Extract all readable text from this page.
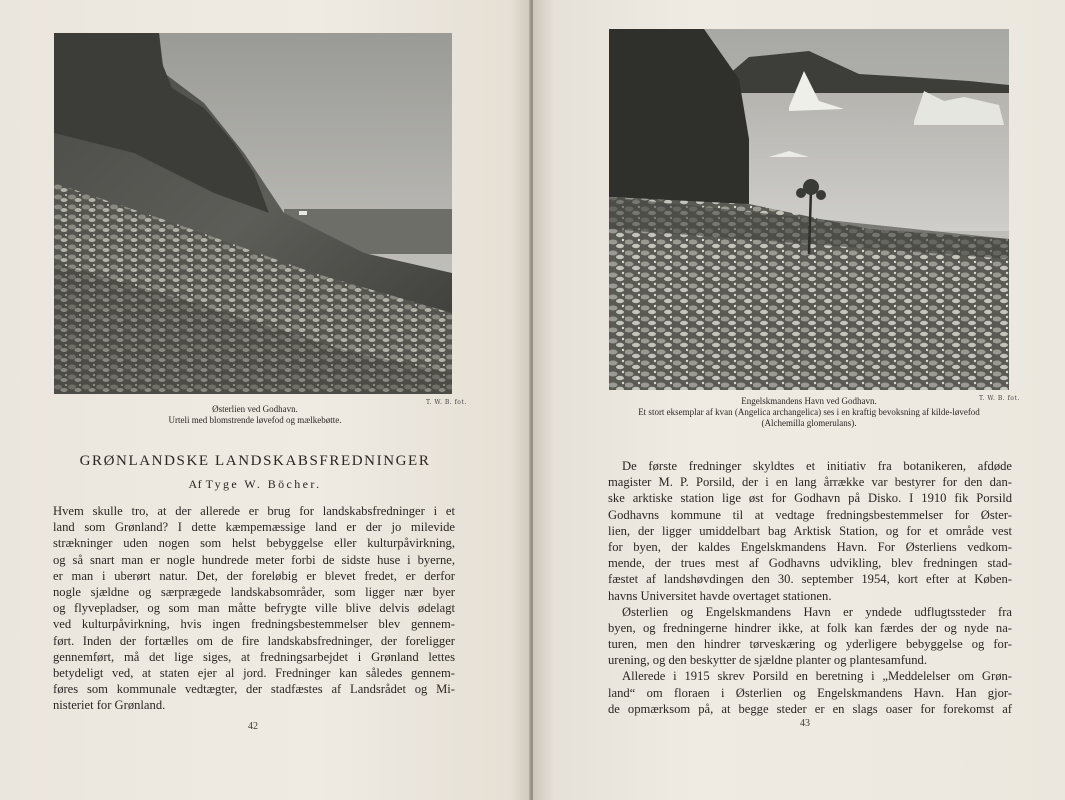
T. W. B. fot.
Østerlien ved Godhavn.
Urteli med blomstrende løvefod og mælkebøtte.
GRØNLANDSKE LANDSKABSFREDNINGER
Af Tyge W. Böcher.
Hvem skulle tro, at der allerede er brug for landskabsfredninger i et
land som Grønland? I dette kæmpemæssige land er der jo milevide
strækninger uden nogen som helst bebyggelse eller kulturpåvirkning,
og så snart man er nogle hundrede meter forbi de sidste huse i byerne,
er man i uberørt natur. Det, der foreløbig er blevet fredet, er derfor
nogle sjældne og særprægede landskabsområder, som ligger nær byer
og flyvepladser, og som man måtte befrygte ville blive delvis ødelagt
ved kulturpåvirkning, hvis ingen fredningsbestemmelser blev gennem-
ført. Inden der fortælles om de fire landskabsfredninger, der foreligger
gennemført, må det lige siges, at fredningsarbejdet i Grønland lettes
betydeligt ved, at staten ejer al jord. Fredninger kan således gennem-
føres som kommunale vedtægter, der stadfæstes af Landsrådet og Mi-
nisteriet for Grønland.
42
T. W. B. fot.
Engelskmandens Havn ved Godhavn.
Et stort eksemplar af kvan (Angelica archangelica) ses i en kraftig bevoksning af kilde-løvefod
(Alchemilla glomerulans).
De første fredninger skyldtes et initiativ fra botanikeren, afdøde
magister M. P. Porsild, der i en lang årrække var bestyrer for den dan-
ske arktiske station lige øst for Godhavn på Disko. I 1910 fik Porsild
Godhavns kommune til at vedtage fredningsbestemmelser for Øster-
lien, der ligger umiddelbart bag Arktisk Station, og for et område vest
for byen, der kaldes Engelskmandens Havn. For Østerliens vedkom-
mende, der trues mest af Godhavns udvikling, blev fredningen stad-
fæstet af landshøvdingen den 30. september 1954, kort efter at Køben-
havns Universitet havde overtaget stationen.
Østerlien og Engelskmandens Havn er yndede udflugtssteder fra
byen, og fredningerne hindrer ikke, at folk kan færdes der og nyde na-
turen, men den hindrer tørveskæring og yderligere bebyggelse og for-
urening, og den beskytter de sjældne planter og plantesamfund.
Allerede i 1915 skrev Porsild en beretning i „Meddelelser om Grøn-
land“ om floraen i Østerlien og Engelskmandens Havn. Han gjor-
de opmærksom på, at begge steder er en slags oaser for forekomst af
43
